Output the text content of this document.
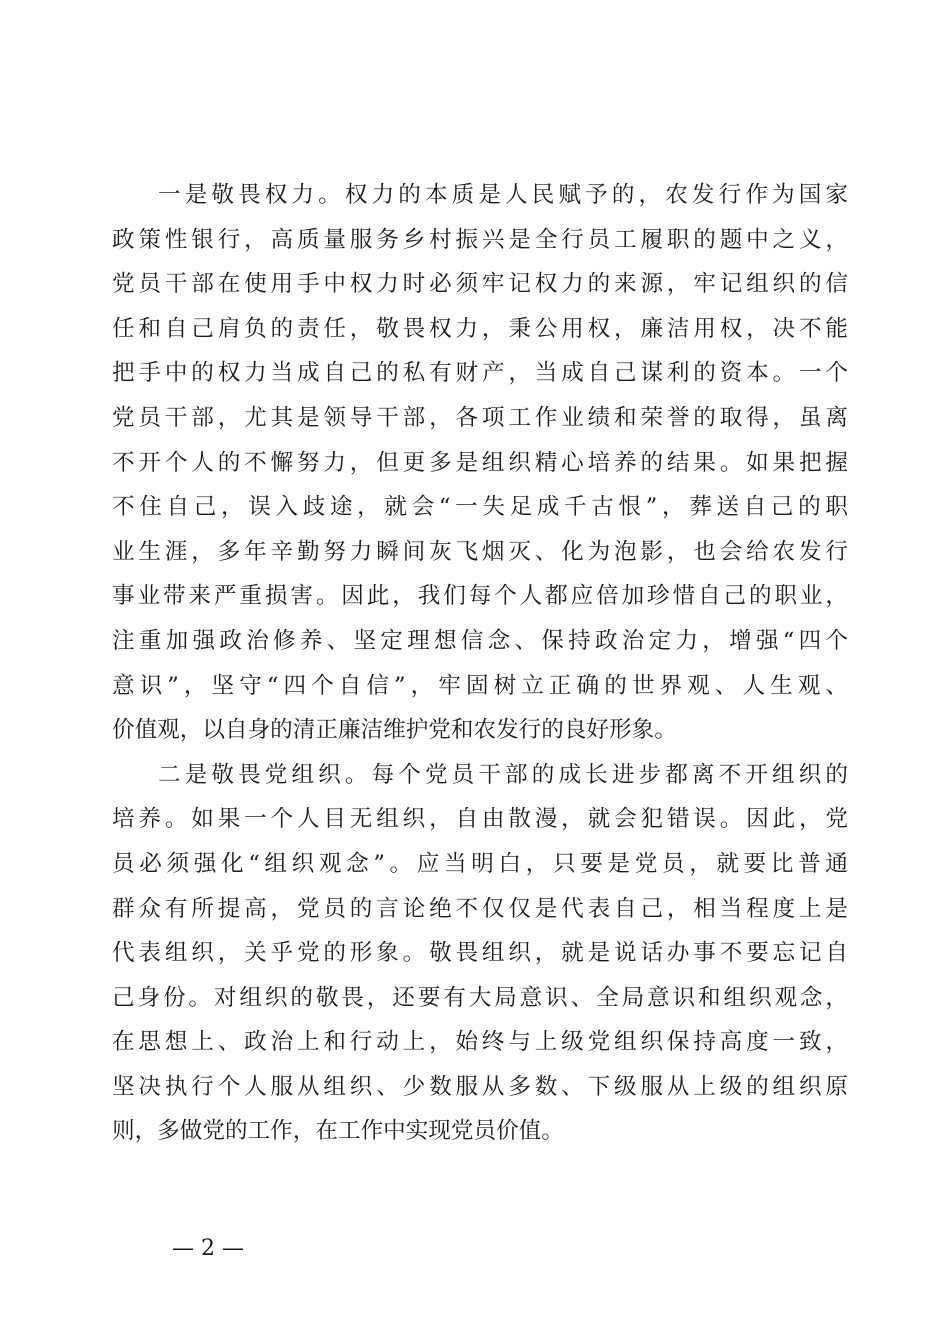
一是敬畏权力。权力的本质是人民赋予的，农发行作为国家
政策性银行，高质量服务乡村振兴是全行员工履职的题中之义，
党员干部在使用手中权力时必须牢记权力的来源，牢记组织的信
任和自己肩负的责任，敬畏权力，秉公用权，廉洁用权，决不能
把手中的权力当成自己的私有财产，当成自己谋利的资本。一个
党员干部，尤其是领导干部，各项工作业绩和荣誉的取得，虽离
不开个人的不懈努力，但更多是组织精心培养的结果。如果把握
不住自己，误入歧途，就会“一失足成千古恨”，葬送自己的职
业生涯，多年辛勤努力瞬间灰飞烟灭、化为泡影，也会给农发行
事业带来严重损害。因此，我们每个人都应倍加珍惜自己的职业，
注重加强政治修养、坚定理想信念、保持政治定力，增强“四个
意识”，坚守“四个自信”，牢固树立正确的世界观、人生观、
价值观，以自身的清正廉洁维护党和农发行的良好形象。
二是敬畏党组织。每个党员干部的成长进步都离不开组织的
培养。如果一个人目无组织，自由散漫，就会犯错误。因此，党
员必须强化“组织观念”。应当明白，只要是党员，就要比普通
群众有所提高，党员的言论绝不仅仅是代表自己，相当程度上是
代表组织，关乎党的形象。敬畏组织，就是说话办事不要忘记自
己身份。对组织的敬畏，还要有大局意识、全局意识和组织观念，
在思想上、政治上和行动上，始终与上级党组织保持高度一致，
坚决执行个人服从组织、少数服从多数、下级服从上级的组织原
则，多做党的工作，在工作中实现党员价值。
— 2 —
